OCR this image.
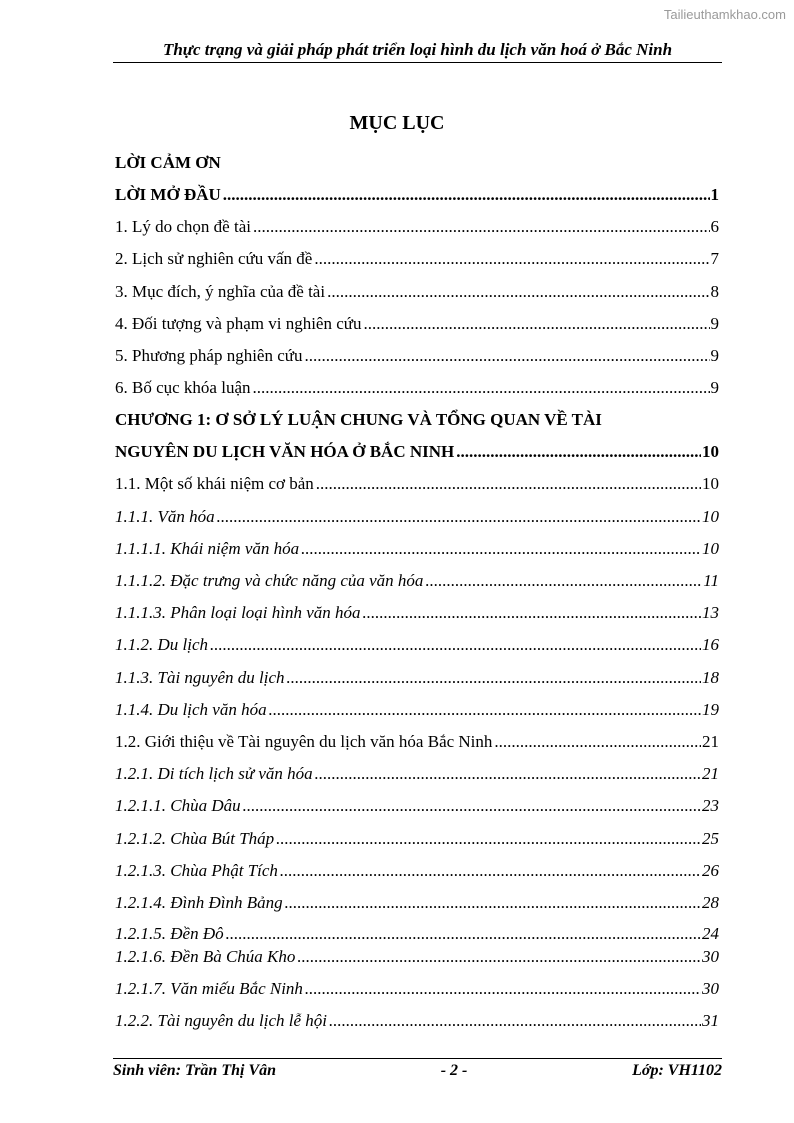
Tailieuthamkhao.com
Thực trạng và giải pháp phát triển loại hình du lịch văn hoá ở Bắc Ninh
MỤC LỤC
LỜI CẢM ƠN
LỜI MỞ ĐẦU .....	1
1. Lý do chọn đề tài .....	6
2. Lịch sử nghiên cứu vấn đề .....	7
3. Mục đích, ý nghĩa của đề tài .....	8
4. Đối tượng và phạm vi nghiên cứu .....	9
5. Phương pháp nghiên cứu .....	9
6. Bố cục khóa luận .....	9
CHƯƠNG 1: Ơ SỞ LÝ LUẬN CHUNG VÀ TỔNG QUAN VỀ TÀI
NGUYÊN DU LỊCH VĂN HÓA Ở BẮC NINH .....	10
1.1. Một số khái niệm cơ bản .....	10
1.1.1. Văn hóa .....	10
1.1.1.1. Khái niệm văn hóa .....	10
1.1.1.2. Đặc trưng và chức năng của văn hóa .....	11
1.1.1.3. Phân loại loại hình văn hóa .....	13
1.1.2. Du lịch .....	16
1.1.3. Tài nguyên du lịch .....	18
1.1.4. Du lịch văn hóa .....	19
1.2. Giới thiệu về Tài nguyên du lịch văn hóa Bắc Ninh .....	21
1.2.1. Di tích lịch sử văn hóa .....	21
1.2.1.1. Chùa Dâu .....	23
1.2.1.2. Chùa Bút Tháp .....	25
1.2.1.3. Chùa Phật Tích .....	26
1.2.1.4. Đình Đình Bảng .....	28
1.2.1.5. Đền Đô .....	24
1.2.1.6. Đền Bà Chúa Kho .....	30
1.2.1.7. Văn miếu Bắc Ninh .....	30
1.2.2. Tài nguyên du lịch lễ hội .....	31
Sinh viên: Trần Thị Vân	- 2 -	Lớp: VH1102
